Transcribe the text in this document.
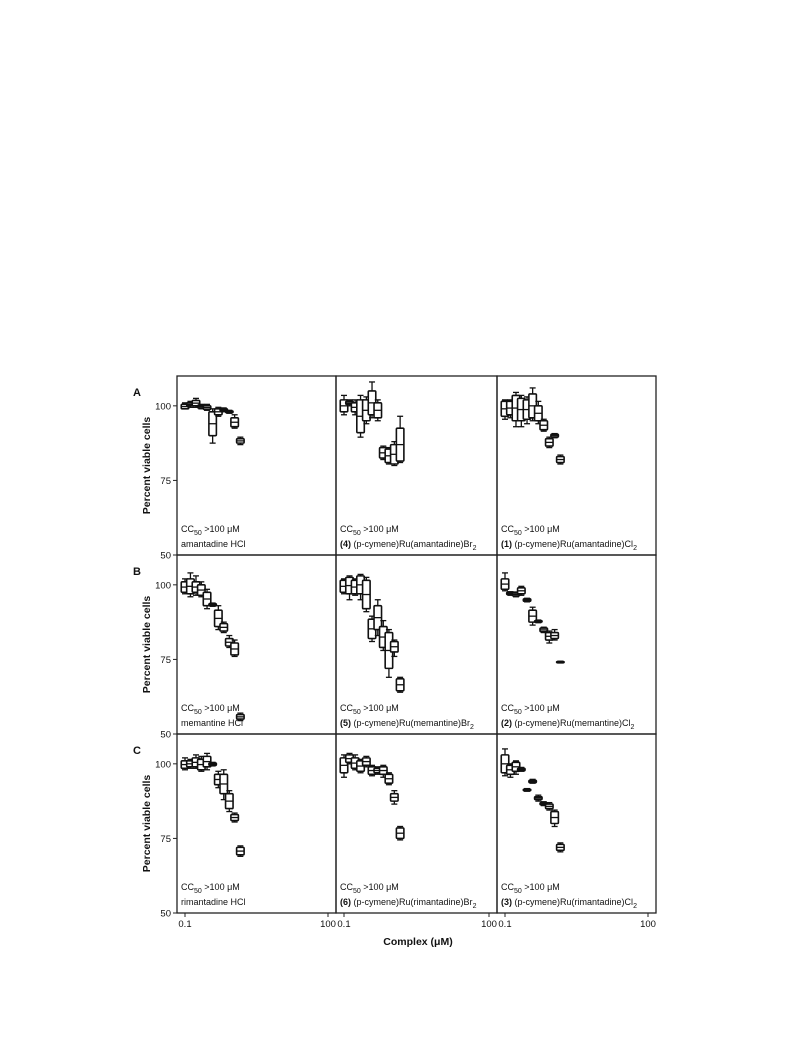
50
75
100
A
Percent viable cells
$CC_{50} >100$ μM
amantadine HCl
$CC_{50} >100$ μM
(4) $(p-cymene)Ru(amantadine)Br_2$
$CC_{50} >100$ μM
(1) $(p-cymene)Ru(amantadine)Cl_2$
50
75
100
B
Percent viable cells
$CC_{50} >100$ μM
memantine HCl
$CC_{50} >100$ μM
(5) $(p-cymene)Ru(memantine)Br_2$
$CC_{50} >100$ μM
(2) $(p-cymene)Ru(memantine)Cl_2$
50
75
100
C
Percent viable cells
0.1	100
$CC_{50} >100$ μM
rimantadine HCl
0.1	100
$CC_{50} >100$ μM
(6) $(p-cymene)Ru(rimantadine)Br_2$
0.1	100
$CC_{50} >100$ μM
(3) $(p-cymene)Ru(rimantadine)Cl_2$
Complex (μM)
